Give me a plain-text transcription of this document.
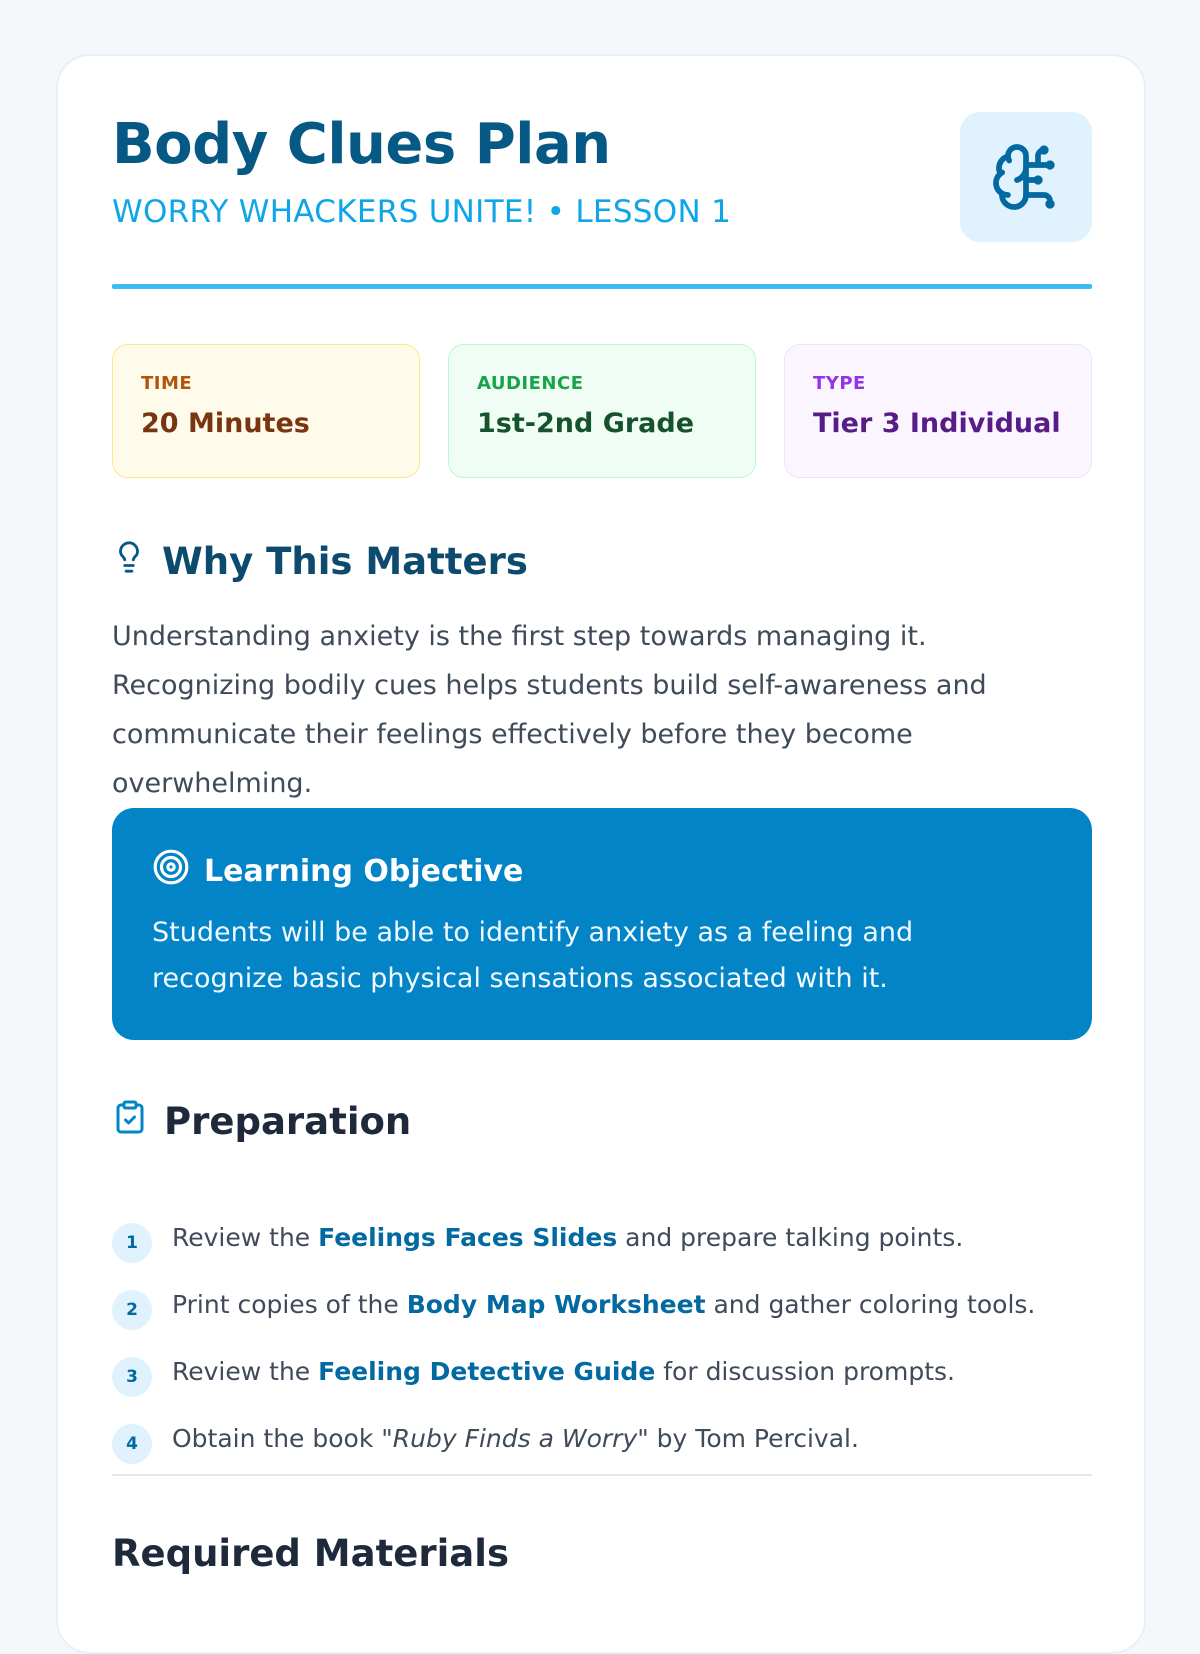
Body Clues Plan
WORRY WHACKERS UNITE! • LESSON 1
TIME
20 Minutes
AUDIENCE
1st-2nd Grade
TYPE
Tier 3 Individual
Why This Matters

Understanding anxiety is the first step towards managing it. Recognizing bodily cues helps students build self-awareness and communicate their feelings effectively before they become overwhelming.

Learning Objective

Students will be able to identify anxiety as a feeling and recognize basic physical sensations associated with it.

Preparation
1	Review the Feelings Faces Slides and prepare talking points.
2	Print copies of the Body Map Worksheet and gather coloring tools.
3	Review the Feeling Detective Guide for discussion prompts.
4	Obtain the book "Ruby Finds a Worry" by Tom Percival.
Required Materials
